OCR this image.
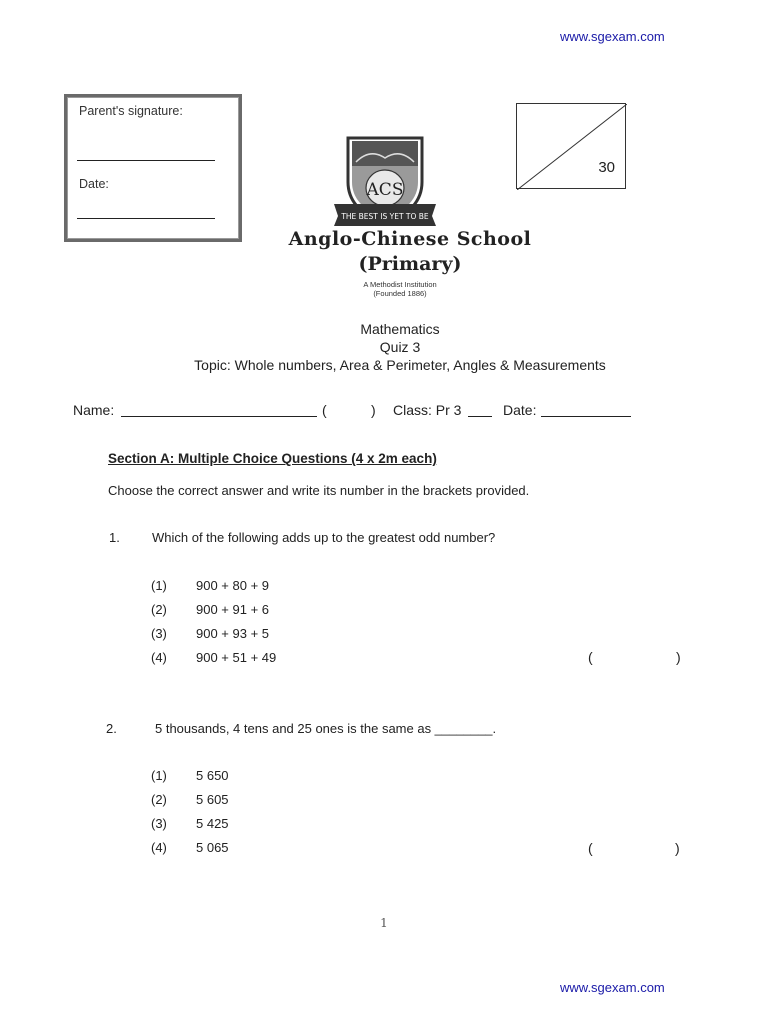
www.sgexam.com
Parent's signature:
Date:
30
ACS
THE BEST IS YET TO BE
Anglo-Chinese School
(Primary)
A Methodist Institution
(Founded 1886)
Mathematics
Quiz 3
Topic: Whole numbers, Area & Perimeter, Angles & Measurements
Name:	(	) Class: Pr 3	Date:
Section A: Multiple Choice Questions (4 x 2m each)
Choose the correct answer and write its number in the brackets provided.
1. Which of the following adds up to the greatest odd number?
(1) 900 + 80 + 9
(2) 900 + 91 + 6
(3) 900 + 93 + 5
(4) 900 + 51 + 49	(	)
2.	5 thousands, 4 tens and 25 ones is the same as ________.
(1) 5 650
(2) 5 605
(3) 5 425
(4) 5 065	(	)
1
www.sgexam.com
